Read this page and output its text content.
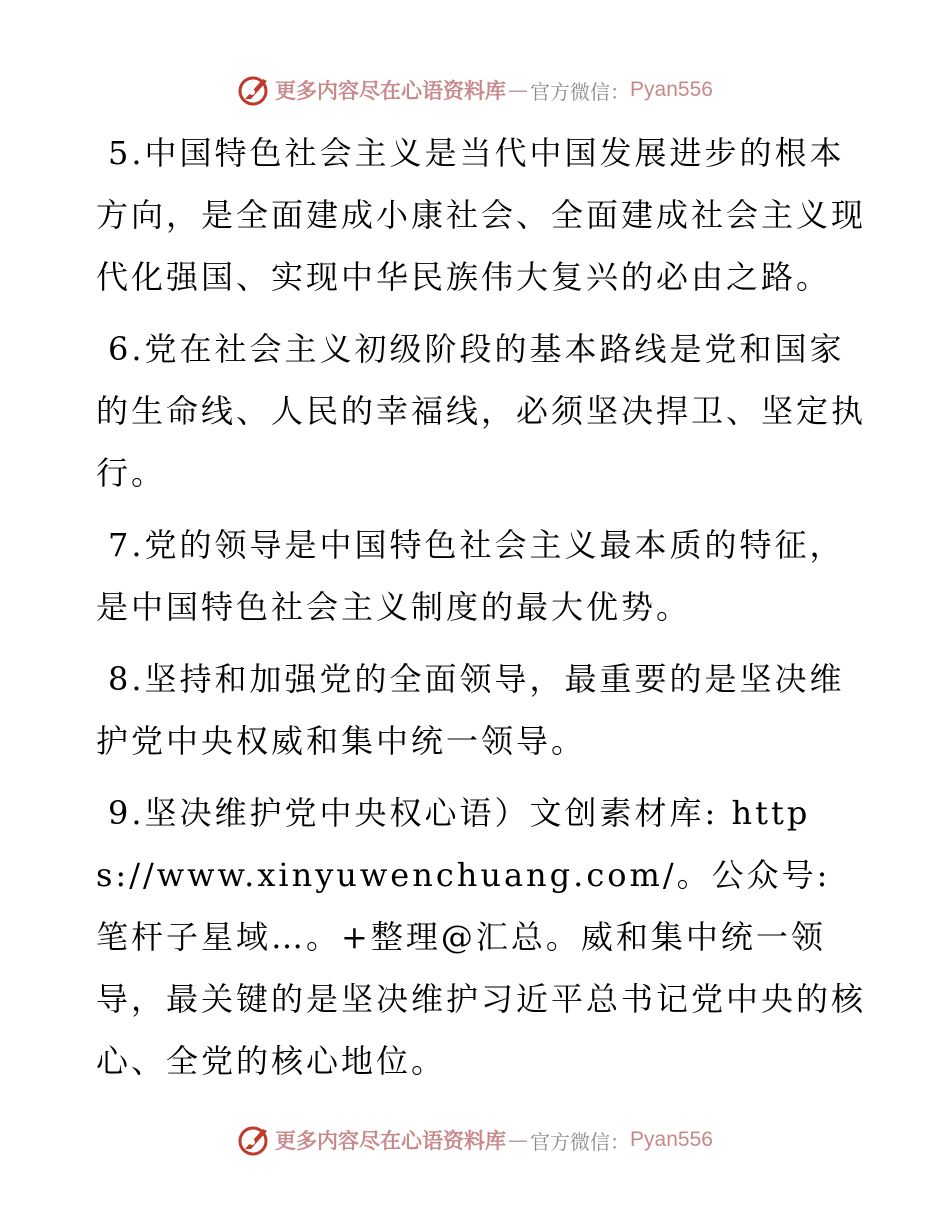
更多内容尽在心语资料库 — 官方微信： Pyan556

5.中国特色社会主义是当代中国发展进步的根本方向，是全面建成小康社会、全面建成社会主义现代化强国、实现中华民族伟大复兴的必由之路。

6.党在社会主义初级阶段的基本路线是党和国家的生命线、人民的幸福线，必须坚决捍卫、坚定执行。

7.党的领导是中国特色社会主义最本质的特征，是中国特色社会主义制度的最大优势。

8.坚持和加强党的全面领导，最重要的是坚决维护党中央权威和集中统一领导。

9.坚决维护党中央权心语）文创素材库: https://www.xinyuwenchuang.com/。公众号: 笔杆子星域…。+整理@汇总。威和集中统一领导，最关键的是坚决维护习近平总书记党中央的核心、全党的核心地位。

更多内容尽在心语资料库 — 官方微信： Pyan556
